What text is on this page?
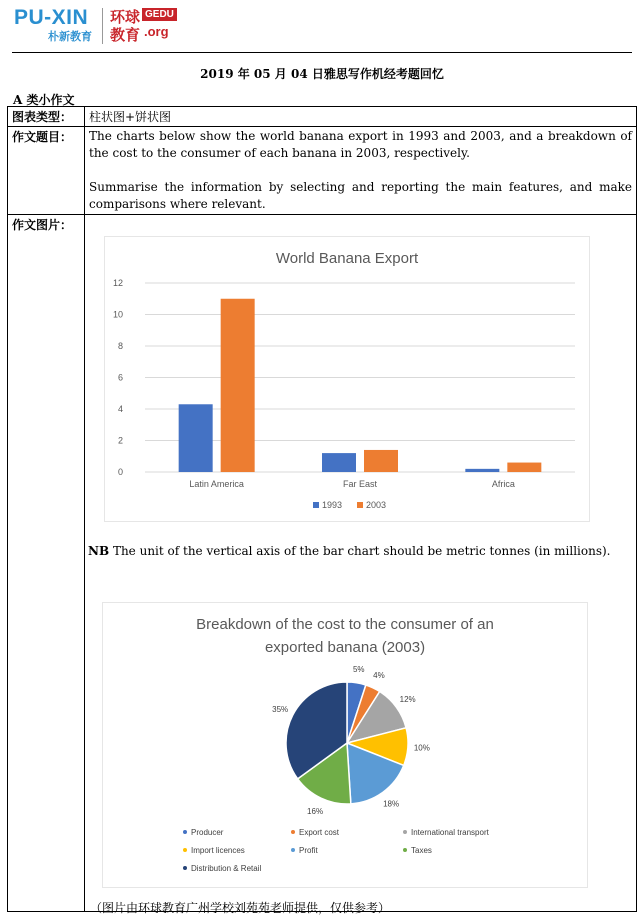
PU-XIN
朴新教育
环球教育
GEDU
.org
2019 年 05 月 04 日雅思写作机经考题回忆
A 类小作文
图表类型：	柱状图+饼状图
作文题目：	The charts below show the world banana export in 1993 and 2003, and a breakdown of the cost to the consumer of each banana in 2003, respectively.
Summarise the information by selecting and reporting the main features, and make comparisons where relevant.

作文图片：	
World Banana Export
0
2
4
6
8
10
12
Latin America	Far East	Africa
1993	2003
NB The unit of the vertical axis of the bar chart should be metric tonnes (in millions).
Breakdown of the cost to the consumer of an
exported banana (2003)
5%
4%
12%
10%
18%
16%
35%
Producer	Export cost	International transport
Import licences	Profit	Taxes
Distribution & Retail
（图片由环球教育广州学校刘苑苑老师提供，仅供参考）
